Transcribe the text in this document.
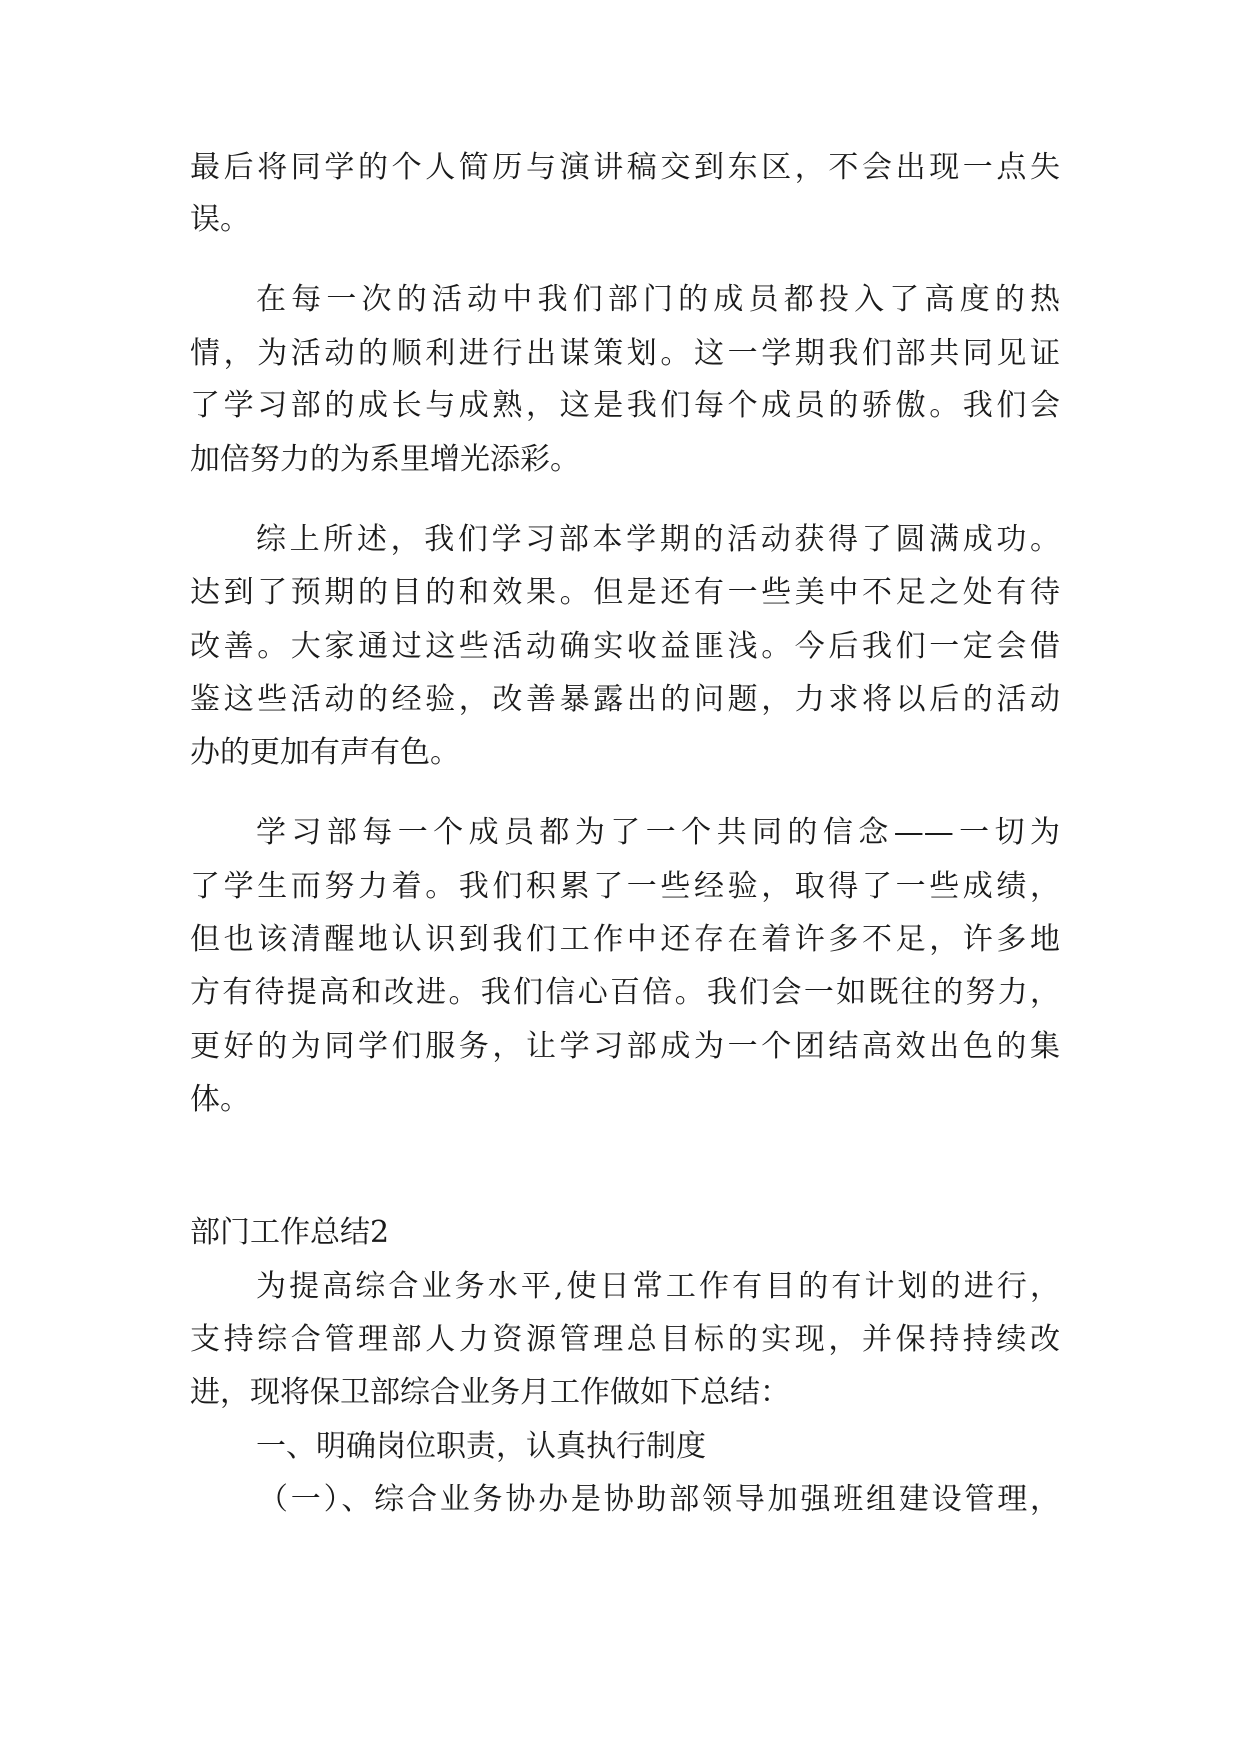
最后将同学的个人简历与演讲稿交到东区，不会出现一点失
误。
在每一次的活动中我们部门的成员都投入了高度的热
情，为活动的顺利进行出谋策划。这一学期我们部共同见证
了学习部的成长与成熟，这是我们每个成员的骄傲。我们会
加倍努力的为系里增光添彩。
综上所述，我们学习部本学期的活动获得了圆满成功。
达到了预期的目的和效果。但是还有一些美中不足之处有待
改善。大家通过这些活动确实收益匪浅。今后我们一定会借
鉴这些活动的经验，改善暴露出的问题，力求将以后的活动
办的更加有声有色。
学习部每一个成员都为了一个共同的信念——一切为
了学生而努力着。我们积累了一些经验，取得了一些成绩，
但也该清醒地认识到我们工作中还存在着许多不足，许多地
方有待提高和改进。我们信心百倍。我们会一如既往的努力，
更好的为同学们服务，让学习部成为一个团结高效出色的集
体。
部门工作总结2
为提高综合业务水平,使日常工作有目的有计划的进行，
支持综合管理部人力资源管理总目标的实现，并保持持续改
进，现将保卫部综合业务月工作做如下总结：
一、明确岗位职责，认真执行制度
（一）、综合业务协办是协助部领导加强班组建设管理，
